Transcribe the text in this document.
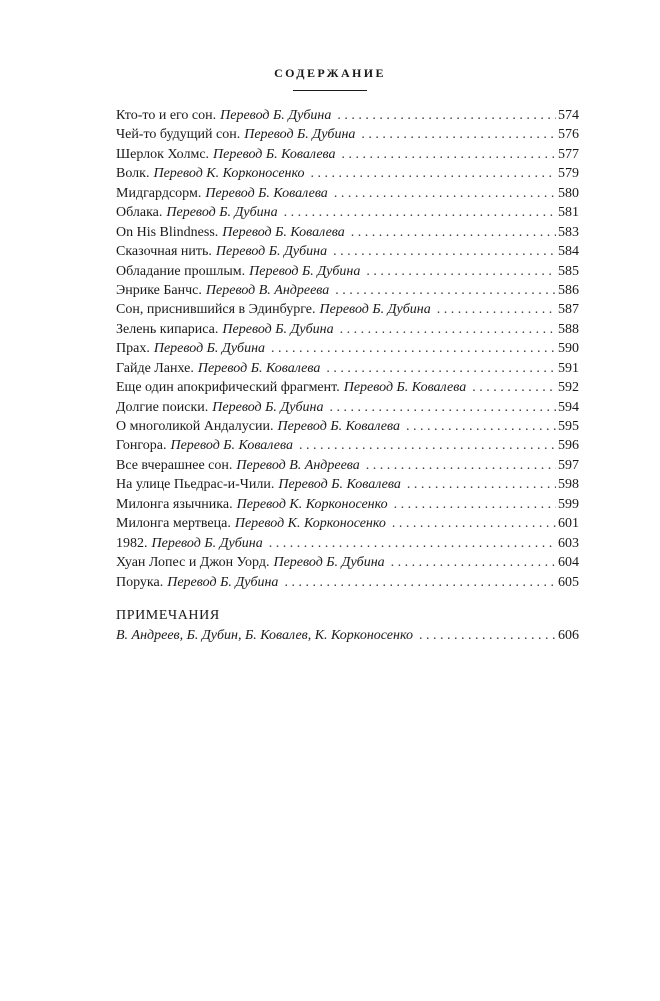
СОДЕРЖАНИЕ
Кто-то и его сон. Перевод Б. Дубина . . .	574
Чей-то будущий сон. Перевод Б. Дубина . . .	576
Шерлок Холмс. Перевод Б. Ковалева . . .	577
Волк. Перевод К. Корконосенко . . .	579
Мидгардсорм. Перевод Б. Ковалева . . .	580
Облака. Перевод Б. Дубина . . .	581
On His Blindness. Перевод Б. Ковалева . . .	583
Сказочная нить. Перевод Б. Дубина . . .	584
Обладание прошлым. Перевод Б. Дубина . . .	585
Энрике Банчс. Перевод В. Андреева . . .	586
Сон, приснившийся в Эдинбурге. Перевод Б. Дубина . . .	587
Зелень кипариса. Перевод Б. Дубина . . .	588
Прах. Перевод Б. Дубина . . .	590
Гайде Ланхе. Перевод Б. Ковалева . . .	591
Еще один апокрифический фрагмент. Перевод Б. Ковалева . . .	592
Долгие поиски. Перевод Б. Дубина . . .	594
О многоликой Андалусии. Перевод Б. Ковалева . . .	595
Гонгора. Перевод Б. Ковалева . . .	596
Все вчерашнее сон. Перевод В. Андреева . . .	597
На улице Пьедрас-и-Чили. Перевод Б. Ковалева . . .	598
Милонга язычника. Перевод К. Корконосенко . . .	599
Милонга мертвеца. Перевод К. Корконосенко . . .	601
1982. Перевод Б. Дубина . . .	603
Хуан Лопес и Джон Уорд. Перевод Б. Дубина . . .	604
Порука. Перевод Б. Дубина . . .	605
ПРИМЕЧАНИЯ
В. Андреев, Б. Дубин, Б. Ковалев, К. Корконосенко . . .	606
